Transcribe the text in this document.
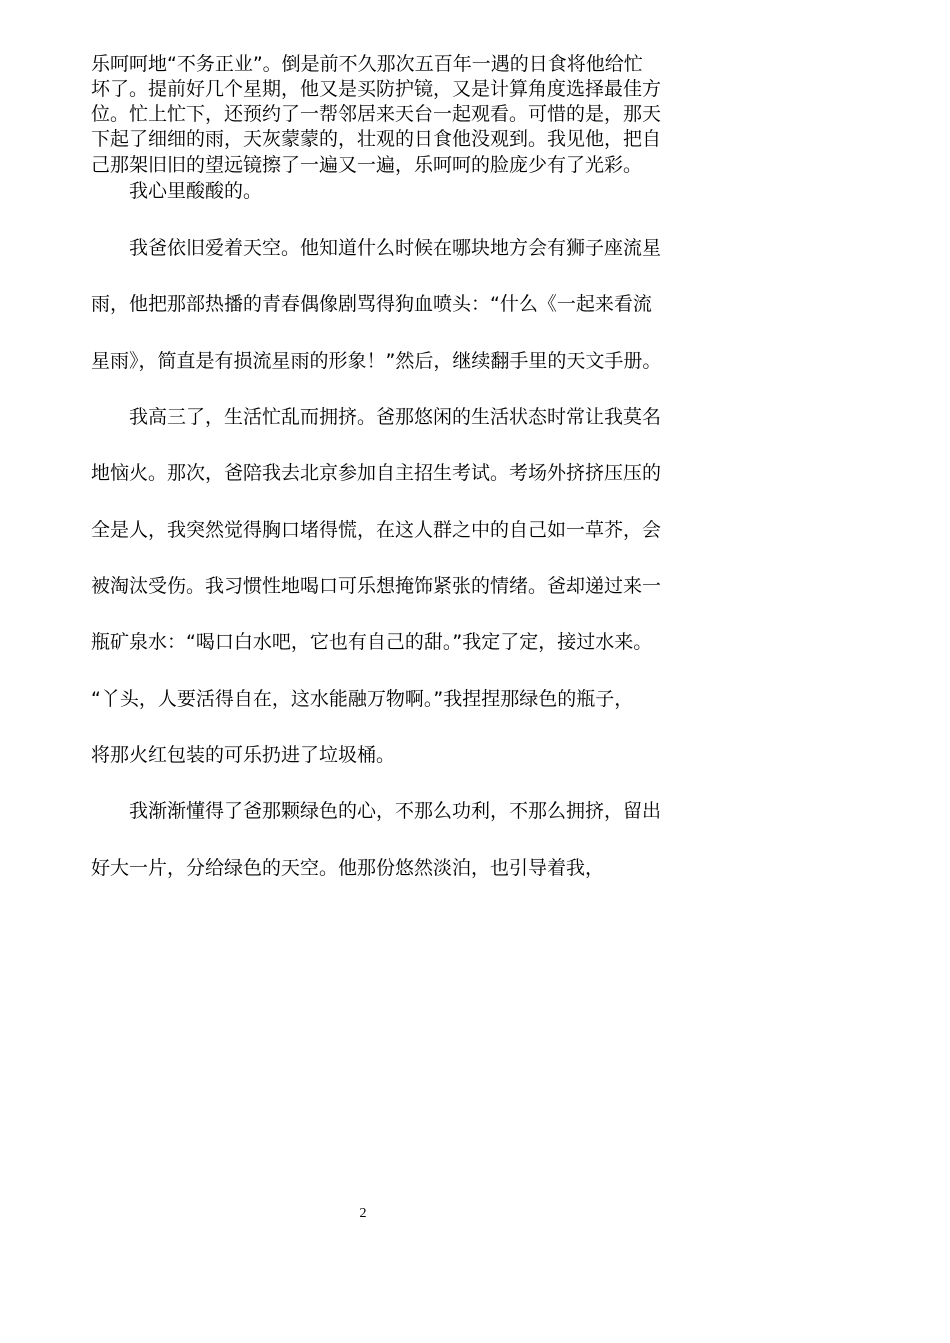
乐呵呵地“不务正业”。倒是前不久那次五百年一遇的日食将他给忙
坏了。提前好几个星期，他又是买防护镜，又是计算角度选择最佳方
位。忙上忙下，还预约了一帮邻居来天台一起观看。可惜的是，那天
下起了细细的雨，天灰蒙蒙的，壮观的日食他没观到。我见他，把自
己那架旧旧的望远镜擦了一遍又一遍，乐呵呵的脸庞少有了光彩。
　　我心里酸酸的。
　　我爸依旧爱着天空。他知道什么时候在哪块地方会有狮子座流星
雨，他把那部热播的青春偶像剧骂得狗血喷头：“什么《一起来看流
星雨》，简直是有损流星雨的形象！”然后，继续翻手里的天文手册。
　　我高三了，生活忙乱而拥挤。爸那悠闲的生活状态时常让我莫名
地恼火。那次，爸陪我去北京参加自主招生考试。考场外挤挤压压的
全是人，我突然觉得胸口堵得慌，在这人群之中的自己如一草芥，会
被淘汰受伤。我习惯性地喝口可乐想掩饰紧张的情绪。爸却递过来一
瓶矿泉水：“喝口白水吧，它也有自己的甜。”我定了定，接过水来。
“丫头，人要活得自在，这水能融万物啊。”我捏捏那绿色的瓶子，
将那火红包装的可乐扔进了垃圾桶。
　　我渐渐懂得了爸那颗绿色的心，不那么功利，不那么拥挤，留出
好大一片，分给绿色的天空。他那份悠然淡泊，也引导着我，
2
